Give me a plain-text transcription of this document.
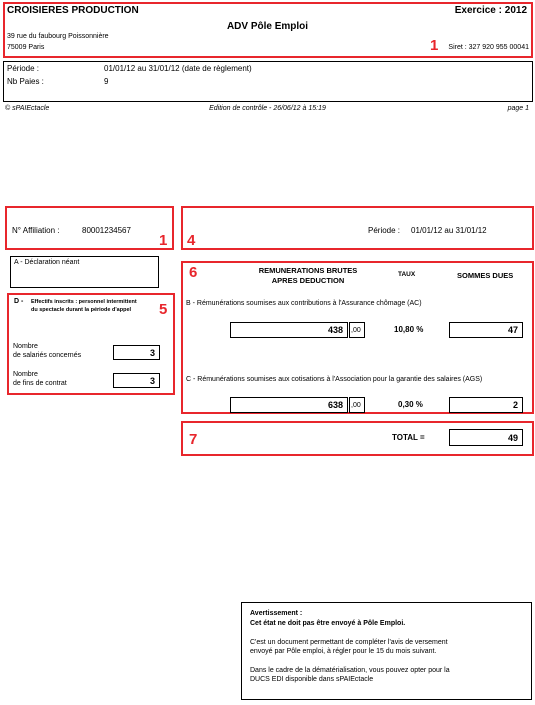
CROISIERES PRODUCTION	Exercice : 2012
ADV Pôle Emploi
39 rue du faubourg Poissonnière
75009 Paris	1 Siret : 327 920 955 00041
Période :	01/01/12 au 31/01/12 (date de règlement)
Nb Paies :	9
© sPAIEctacle	Edition de contrôle - 26/06/12 à 15:19	page 1
N° Affiliation :	80001234567
1 4
Période : 01/01/12 au 31/01/12
A - Déclaration néant
D - Effectifs inscrits : personnel intermittent
du spectacle durant la période d'appel 5
Nombre
de salariés concernés	3
Nombre
de fins de contrat	3
6	REMUNERATIONS BRUTES
APRES DEDUCTION
TAUX	SOMMES DUES
B - Rémunérations soumises aux contributions à l'Assurance chômage (AC)
438	,00	10,80 %	47
C - Rémunérations soumises aux cotisations à l'Association pour la garantie des salaires (AGS)
638	,00	0,30 %	2
7	TOTAL =	49
Avertissement :
Cet état ne doit pas être envoyé à Pôle Emploi.
C'est un document permettant de compléter l'avis de versement
envoyé par Pôle emploi, à régler pour le 15 du mois suivant.
Dans le cadre de la dématérialisation, vous pouvez opter pour la
DUCS EDI disponible dans sPAIEctacle
